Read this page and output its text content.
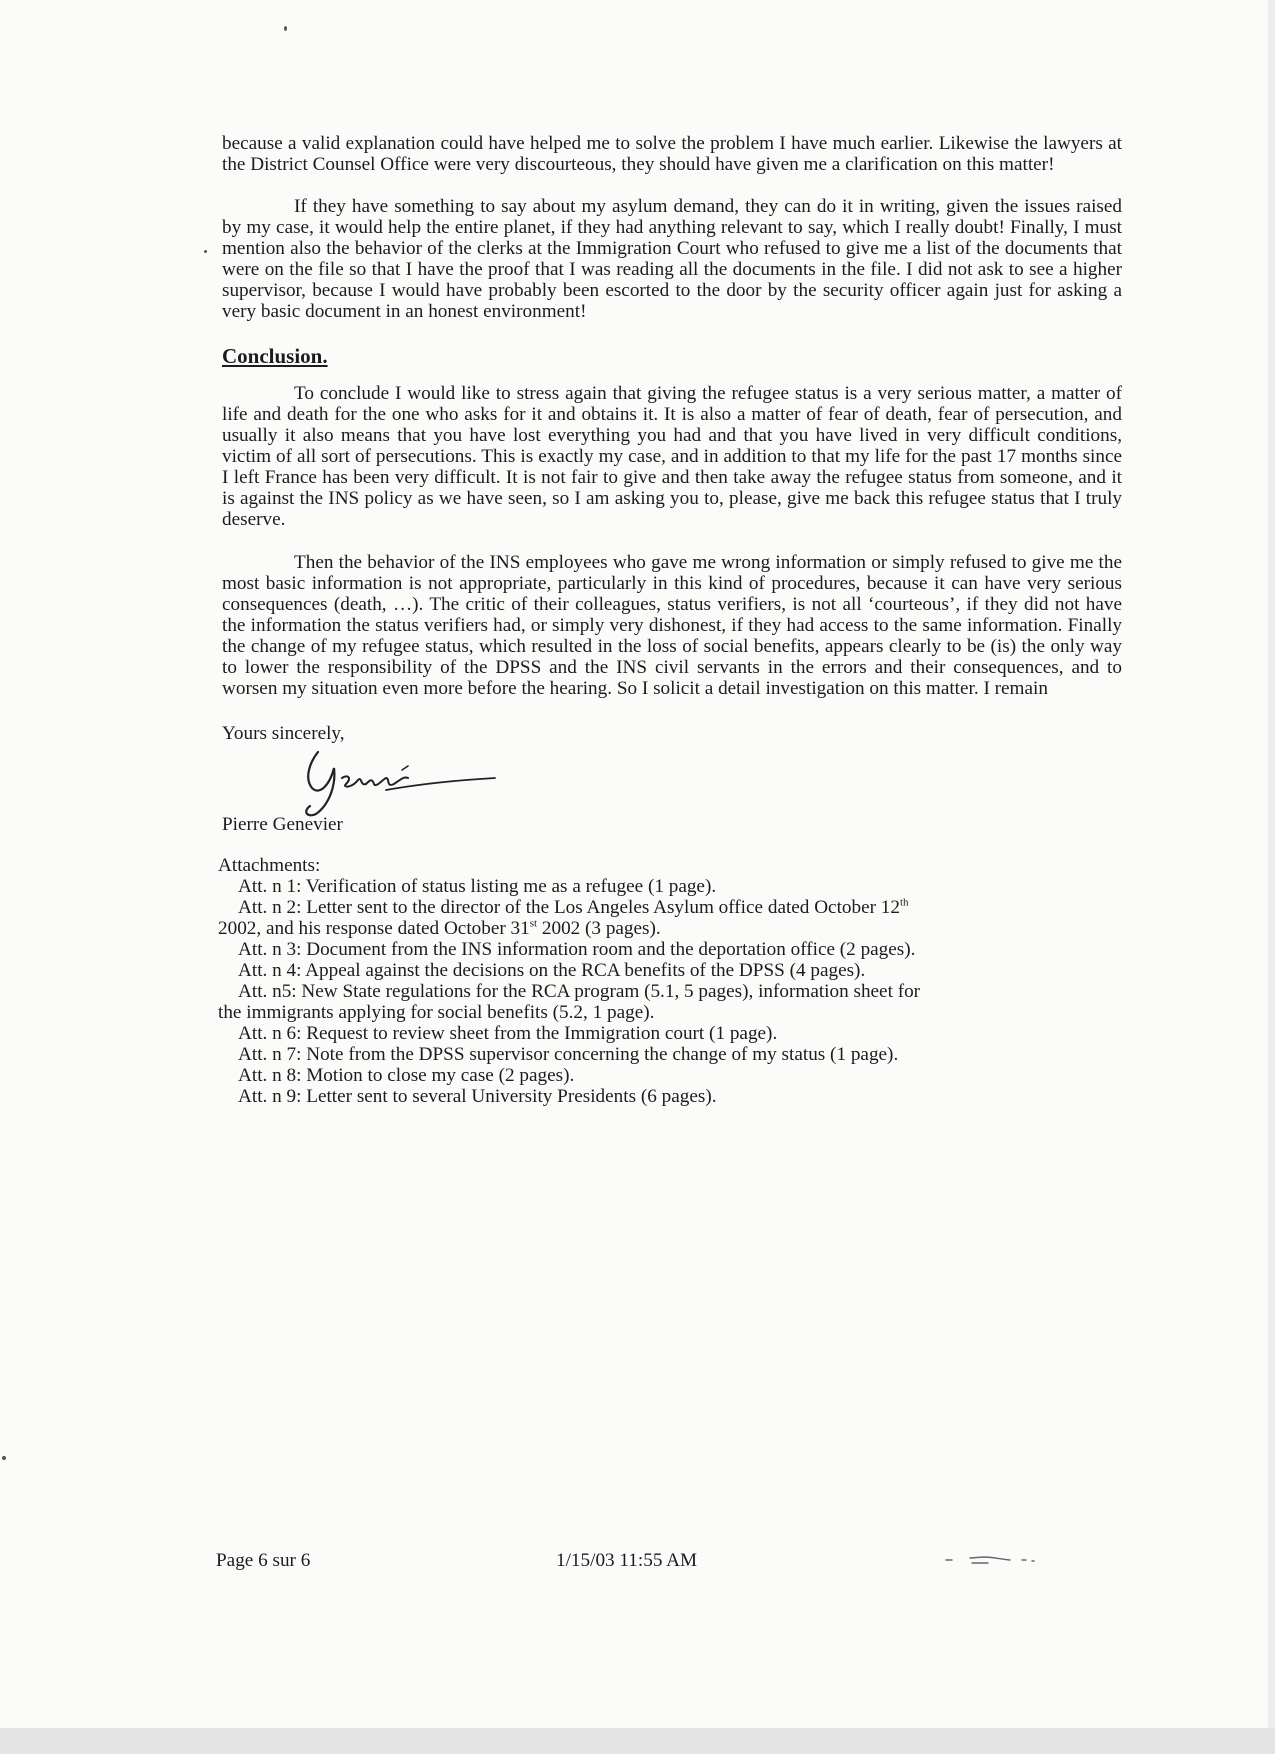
because a valid explanation could have helped me to solve the problem I have much earlier. Likewise the lawyers at the District Counsel Office were very discourteous, they should have given me a clarification on this matter!

If they have something to say about my asylum demand, they can do it in writing, given the issues raised by my case, it would help the entire planet, if they had anything relevant to say, which I really doubt! Finally, I must mention also the behavior of the clerks at the Immigration Court who refused to give me a list of the documents that were on the file so that I have the proof that I was reading all the documents in the file. I did not ask to see a higher supervisor, because I would have probably been escorted to the door by the security officer again just for asking a very basic document in an honest environment!

Conclusion.

To conclude I would like to stress again that giving the refugee status is a very serious matter, a matter of life and death for the one who asks for it and obtains it. It is also a matter of fear of death, fear of persecution, and usually it also means that you have lost everything you had and that you have lived in very difficult conditions, victim of all sort of persecutions. This is exactly my case, and in addition to that my life for the past 17 months since I left France has been very difficult. It is not fair to give and then take away the refugee status from someone, and it is against the INS policy as we have seen, so I am asking you to, please, give me back this refugee status that I truly deserve.

Then the behavior of the INS employees who gave me wrong information or simply refused to give me the most basic information is not appropriate, particularly in this kind of procedures, because it can have very serious consequences (death, …). The critic of their colleagues, status verifiers, is not all ‘courteous’, if they did not have the information the status verifiers had, or simply very dishonest, if they had access to the same information. Finally the change of my refugee status, which resulted in the loss of social benefits, appears clearly to be (is) the only way to lower the responsibility of the DPSS and the INS civil servants in the errors and their consequences, and to worsen my situation even more before the hearing. So I solicit a detail investigation on this matter. I remain

Yours sincerely,

Pierre Genevier

Attachments:

Att. n 1: Verification of status listing me as a refugee (1 page).

Att. n 2: Letter sent to the director of the Los Angeles Asylum office dated October 12th

2002, and his response dated October 31st 2002 (3 pages).

Att. n 3: Document from the INS information room and the deportation office (2 pages).

Att. n 4: Appeal against the decisions on the RCA benefits of the DPSS (4 pages).

Att. n5: New State regulations for the RCA program (5.1, 5 pages), information sheet for

the immigrants applying for social benefits (5.2, 1 page).

Att. n 6: Request to review sheet from the Immigration court (1 page).

Att. n 7: Note from the DPSS supervisor concerning the change of my status (1 page).

Att. n 8: Motion to close my case (2 pages).

Att. n 9: Letter sent to several University Presidents (6 pages).

Page 6 sur 6	1/15/03 11:55 AM
